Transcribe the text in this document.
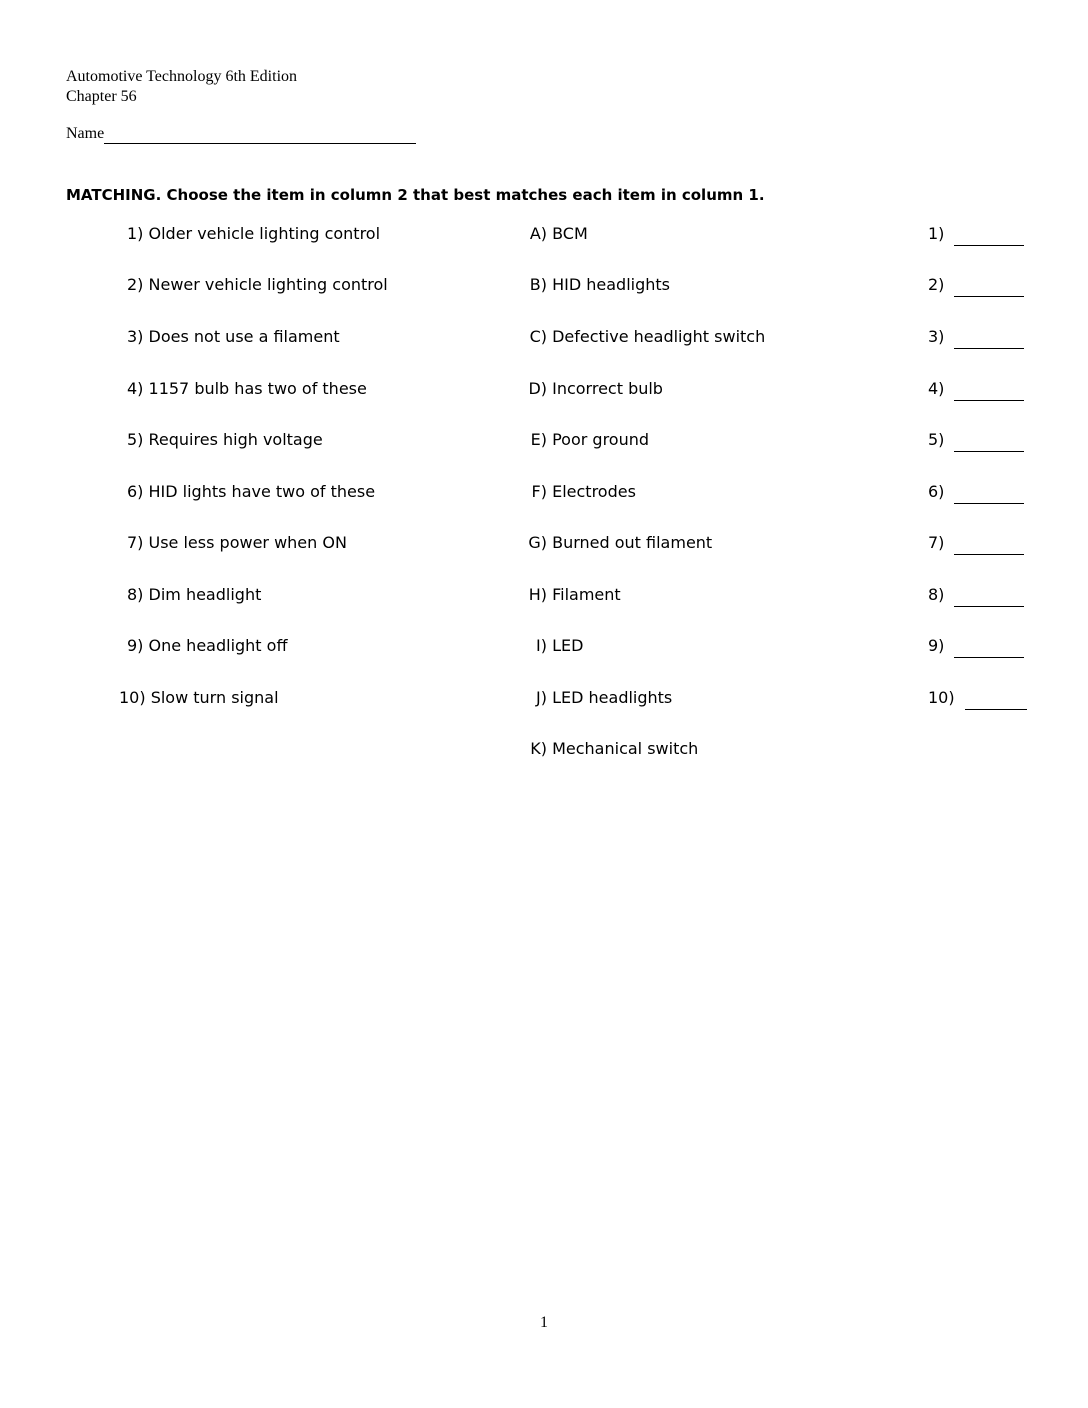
Automotive Technology 6th Edition
Chapter 56
Name
MATCHING. Choose the item in column 2 that best matches each item in column 1.
1) Older vehicle lighting control	A) BCM	1)
2) Newer vehicle lighting control	B) HID headlights	2)
3) Does not use a filament	C) Defective headlight switch	3)
4) 1157 bulb has two of these	D) Incorrect bulb	4)
5) Requires high voltage	E) Poor ground	5)
6) HID lights have two of these	F) Electrodes	6)
7) Use less power when ON	G) Burned out filament	7)
8) Dim headlight	H) Filament	8)
9) One headlight off	I) LED	9)
10) Slow turn signal	J) LED headlights	10)
K) Mechanical switch
1
